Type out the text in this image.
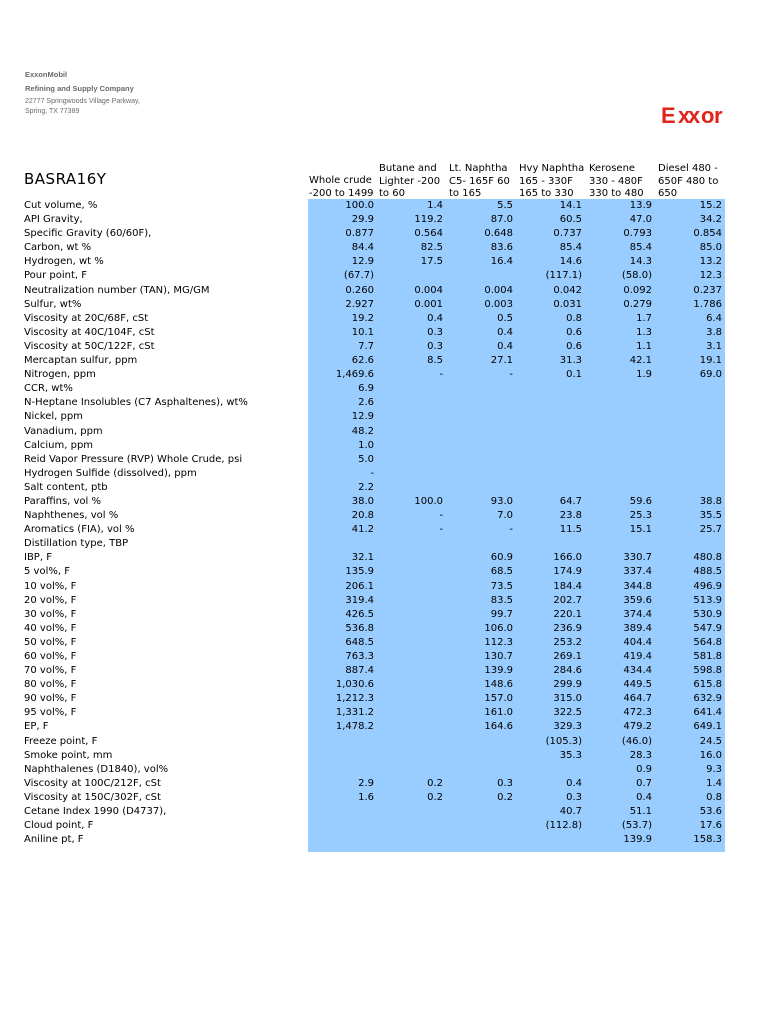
ExxonMobil
Refining and Supply Company
22777 Springwoods Village Parkway,
Spring, TX 77389	E x
x o r
BASRA16Y	Whole crude -200 to 1499
Butane and Lighter -200 to 60
Lt. Naphtha C5- 165F 60 to 165
Hvy Naphtha 165 - 330F 165 to 330
Kerosene 330 - 480F 330 to 480
Diesel 480 - 650F 480 to 650
Cut volume, %
API Gravity,
Specific Gravity (60/60F),
Carbon, wt %
Hydrogen, wt %
Pour point, F
Neutralization number (TAN), MG/GM
Sulfur, wt%
Viscosity at 20C/68F, cSt
Viscosity at 40C/104F, cSt
Viscosity at 50C/122F, cSt
Mercaptan sulfur, ppm
Nitrogen, ppm
CCR, wt%
N-Heptane Insolubles (C7 Asphaltenes), wt%
Nickel, ppm
Vanadium, ppm
Calcium, ppm
Reid Vapor Pressure (RVP) Whole Crude, psi
Hydrogen Sulfide (dissolved), ppm
Salt content, ptb
Paraffins, vol %
Naphthenes, vol %
Aromatics (FIA), vol %
Distillation type, TBP
IBP, F
5 vol%, F
10 vol%, F
20 vol%, F
30 vol%, F
40 vol%, F
50 vol%, F
60 vol%, F
70 vol%, F
80 vol%, F
90 vol%, F
95 vol%, F
EP, F
Freeze point, F
Smoke point, mm
Naphthalenes (D1840), vol%
Viscosity at 100C/212F, cSt
Viscosity at 150C/302F, cSt
Cetane Index 1990 (D4737),
Cloud point, F
Aniline pt, F
100.0
29.9
0.877
84.4
12.9
(67.7)
0.260
2.927
19.2
10.1
7.7
62.6
1,469.6
6.9
2.6
12.9
48.2
1.0
5.0
-
2.2
38.0
20.8
41.2
32.1
135.9
206.1
319.4
426.5
536.8
648.5
763.3
887.4
1,030.6
1,212.3
1,331.2
1,478.2
2.9
1.6
1.4
119.2
0.564
82.5
17.5
0.004
0.001
0.4
0.3
0.3
8.5
-
100.0
-
-
0.2
0.2
5.5
87.0
0.648
83.6
16.4
0.004
0.003
0.5
0.4
0.4
27.1
-
93.0
7.0
-
60.9
68.5
73.5
83.5
99.7
106.0
112.3
130.7
139.9
148.6
157.0
161.0
164.6
0.3
0.2
14.1
60.5
0.737
85.4
14.6
(117.1)
0.042
0.031
0.8
0.6
0.6
31.3
0.1
64.7
23.8
11.5
166.0
174.9
184.4
202.7
220.1
236.9
253.2
269.1
284.6
299.9
315.0
322.5
329.3
(105.3)
35.3
0.4
0.3
40.7
(112.8)
13.9
47.0
0.793
85.4
14.3
(58.0)
0.092
0.279
1.7
1.3
1.1
42.1
1.9
59.6
25.3
15.1
330.7
337.4
344.8
359.6
374.4
389.4
404.4
419.4
434.4
449.5
464.7
472.3
479.2
(46.0)
28.3
0.9
0.7
0.4
51.1
(53.7)
139.9
15.2
34.2
0.854
85.0
13.2
12.3
0.237
1.786
6.4
3.8
3.1
19.1
69.0
38.8
35.5
25.7
480.8
488.5
496.9
513.9
530.9
547.9
564.8
581.8
598.8
615.8
632.9
641.4
649.1
24.5
16.0
9.3
1.4
0.8
53.6
17.6
158.3
